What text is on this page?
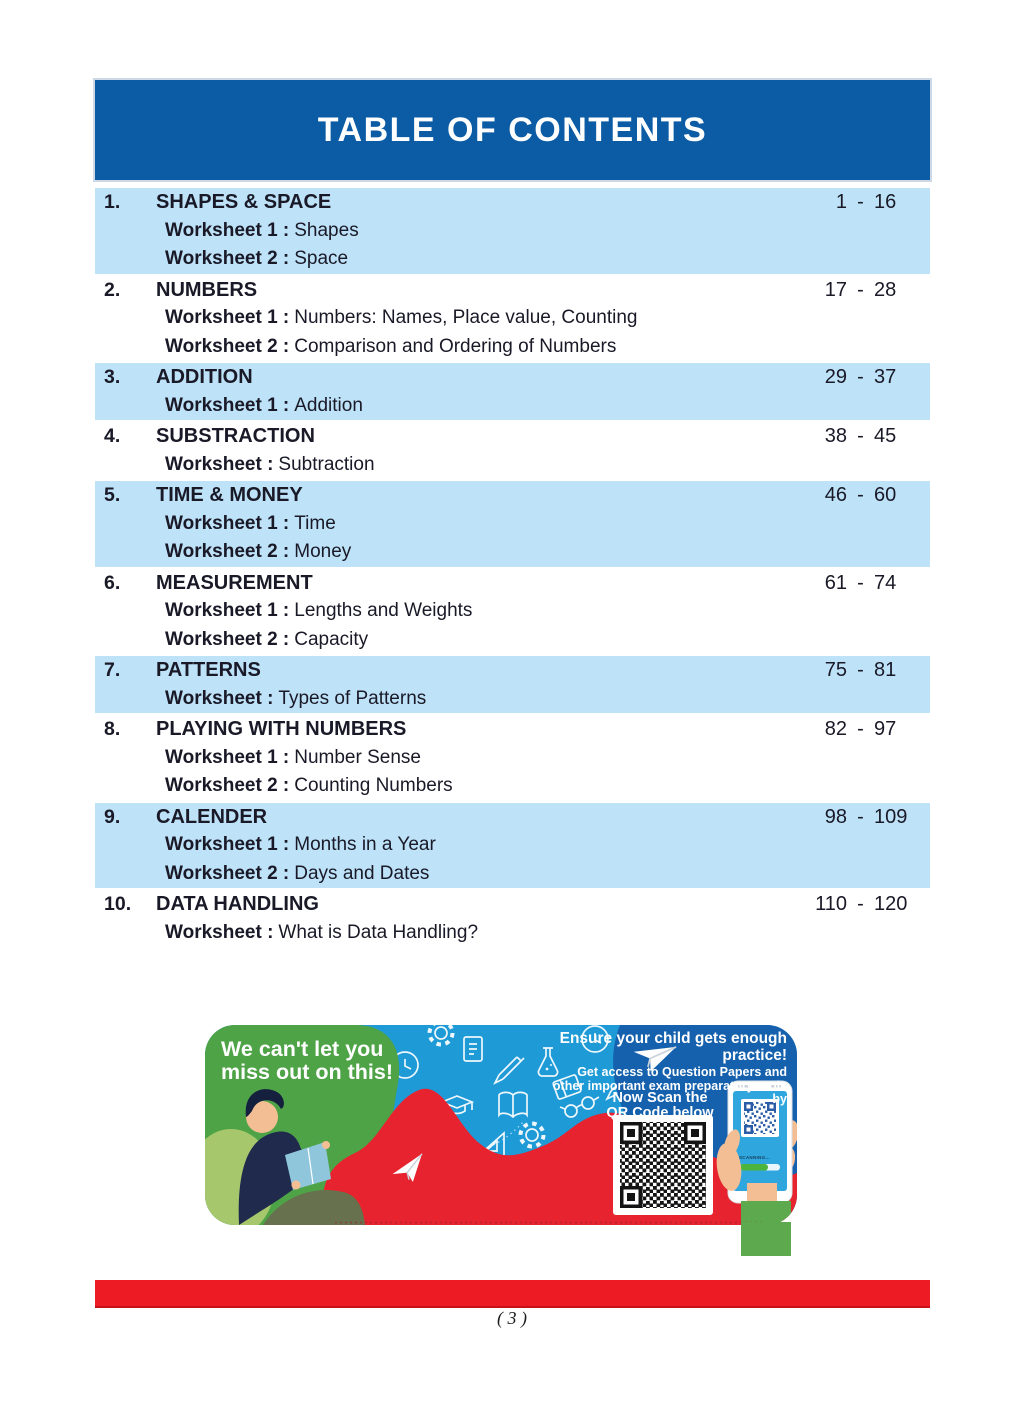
TABLE OF CONTENTS
1.	SHAPES & SPACE	1 - 16
Worksheet 1 : Shapes
Worksheet 2 : Space
2.	NUMBERS	17 - 28
Worksheet 1 : Numbers: Names, Place value, Counting
Worksheet 2 : Comparison and Ordering of Numbers
3.	ADDITION	29 - 37
Worksheet 1 : Addition
4.	SUBSTRACTION	38 - 45
Worksheet : Subtraction
5.	TIME & MONEY	46 - 60
Worksheet 1 : Time
Worksheet 2 : Money
6.	MEASUREMENT	61 - 74
Worksheet 1 : Lengths and Weights
Worksheet 2 : Capacity
7.	PATTERNS	75 - 81
Worksheet : Types of Patterns
8.	PLAYING WITH NUMBERS	82 - 97
Worksheet 1 : Number Sense
Worksheet 2 : Counting Numbers
9.	CALENDER	98 - 109
Worksheet 1 : Months in a Year
Worksheet 2 : Days and Dates
10.	DATA HANDLING	110 - 120
Worksheet : What is Data Handling?
We can't let you miss out on this!
Ensure your child gets enough practice!
Get access to Question Papers and other important exam preparatory tools by
Now Scan the QR Code below
SCANNING...
( 3 )
